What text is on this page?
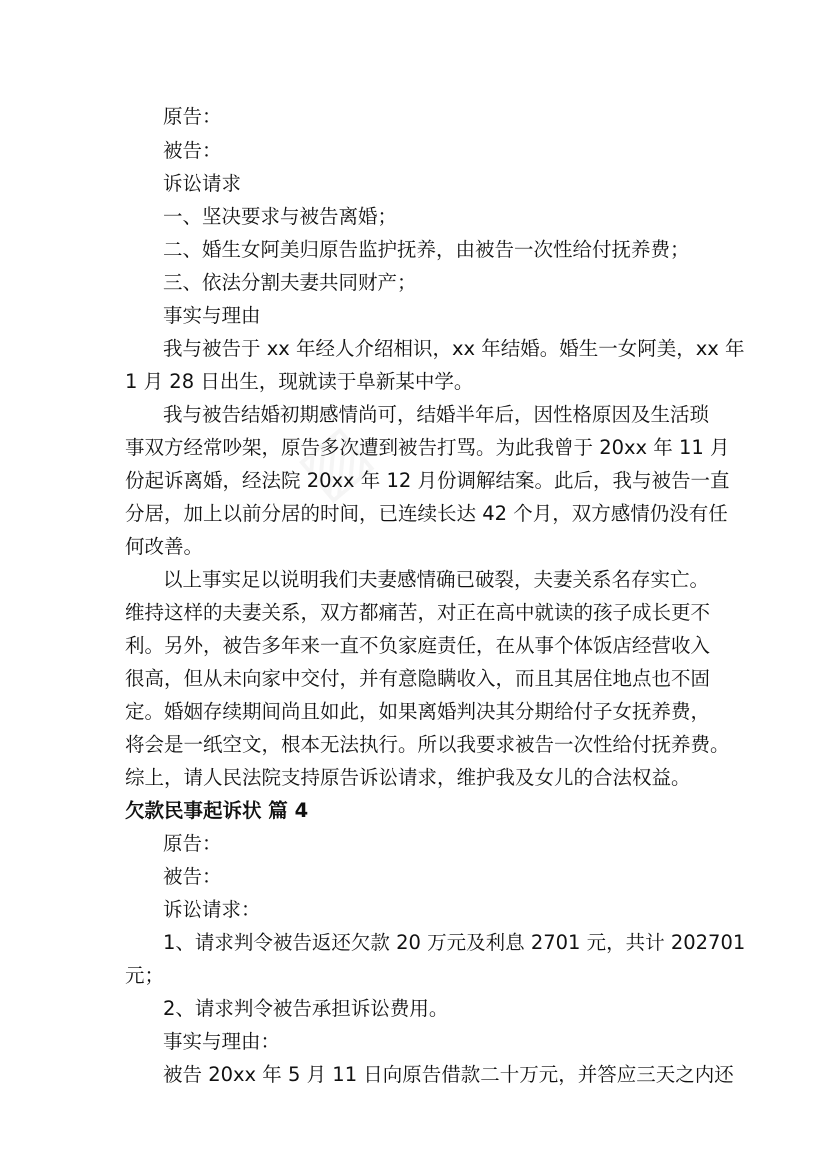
▨
原告：
被告：
诉讼请求
一、坚决要求与被告离婚；
二、婚生女阿美归原告监护抚养，由被告一次性给付抚养费；
三、依法分割夫妻共同财产；
事实与理由
我与被告于 xx 年经人介绍相识，xx 年结婚。婚生一女阿美，xx 年
1 月 28 日出生，现就读于阜新某中学。
我与被告结婚初期感情尚可，结婚半年后，因性格原因及生活琐
事双方经常吵架，原告多次遭到被告打骂。为此我曾于 20xx 年 11 月
份起诉离婚，经法院 20xx 年 12 月份调解结案。此后，我与被告一直
分居，加上以前分居的时间，已连续长达 42 个月，双方感情仍没有任
何改善。
以上事实足以说明我们夫妻感情确已破裂，夫妻关系名存实亡。
维持这样的夫妻关系，双方都痛苦，对正在高中就读的孩子成长更不
利。另外，被告多年来一直不负家庭责任，在从事个体饭店经营收入
很高，但从未向家中交付，并有意隐瞒收入，而且其居住地点也不固
定。婚姻存续期间尚且如此，如果离婚判决其分期给付子女抚养费，
将会是一纸空文，根本无法执行。所以我要求被告一次性给付抚养费。
综上，请人民法院支持原告诉讼请求，维护我及女儿的合法权益。
欠款民事起诉状 篇 4
原告：
被告：
诉讼请求：
1、请求判令被告返还欠款 20 万元及利息 2701 元，共计 202701
元；
2、请求判令被告承担诉讼费用。
事实与理由：
被告 20xx 年 5 月 11 日向原告借款二十万元，并答应三天之内还
